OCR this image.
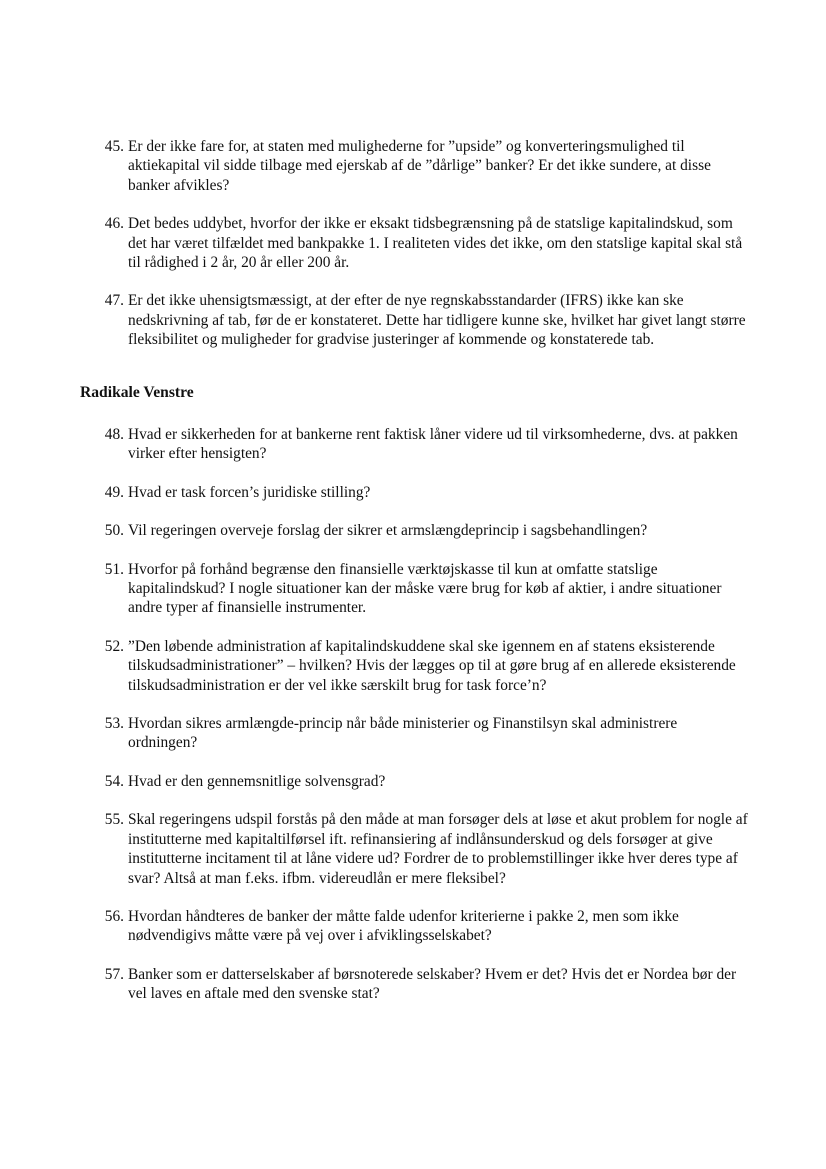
45. Er der ikke fare for, at staten med mulighederne for ”upside” og konverteringsmulighed til aktiekapital vil sidde tilbage med ejerskab af de ”dårlige” banker? Er det ikke sundere, at disse banker afvikles?
46. Det bedes uddybet, hvorfor der ikke er eksakt tidsbegrænsning på de statslige kapitalindskud, som det har været tilfældet med bankpakke 1. I realiteten vides det ikke, om den statslige kapital skal stå til rådighed i 2 år, 20 år eller 200 år.
47. Er det ikke uhensigtsmæssigt, at der efter de nye regnskabsstandarder (IFRS) ikke kan ske nedskrivning af tab, før de er konstateret. Dette har tidligere kunne ske, hvilket har givet langt større fleksibilitet og muligheder for gradvise justeringer af kommende og konstaterede tab.
Radikale Venstre
48. Hvad er sikkerheden for at bankerne rent faktisk låner videre ud til virksomhederne, dvs. at pakken virker efter hensigten?
49. Hvad er task forcen’s juridiske stilling?
50. Vil regeringen overveje forslag der sikrer et armslængdeprincip i sagsbehandlingen?
51. Hvorfor på forhånd begrænse den finansielle værktøjskasse til kun at omfatte statslige kapitalindskud? I nogle situationer kan der måske være brug for køb af aktier, i andre situationer andre typer af finansielle instrumenter.
52. ”Den løbende administration af kapitalindskuddene skal ske igennem en af statens eksisterende tilskudsadministrationer” – hvilken? Hvis der lægges op til at gøre brug af en allerede eksisterende tilskudsadministration er der vel ikke særskilt brug for task force’n?
53. Hvordan sikres armlængde-princip når både ministerier og Finanstilsyn skal administrere ordningen?
54. Hvad er den gennemsnitlige solvensgrad?
55. Skal regeringens udspil forstås på den måde at man forsøger dels at løse et akut problem for nogle af institutterne med kapitaltilførsel ift. refinansiering af indlånsunderskud og dels forsøger at give institutterne incitament til at låne videre ud? Fordrer de to problemstillinger ikke hver deres type af svar? Altså at man f.eks. ifbm. videreudlån er mere fleksibel?
56. Hvordan håndteres de banker der måtte falde udenfor kriterierne i pakke 2, men som ikke nødvendigivs måtte være på vej over i afviklingsselskabet?
57. Banker som er datterselskaber af børsnoterede selskaber? Hvem er det? Hvis det er Nordea bør der vel laves en aftale med den svenske stat?
